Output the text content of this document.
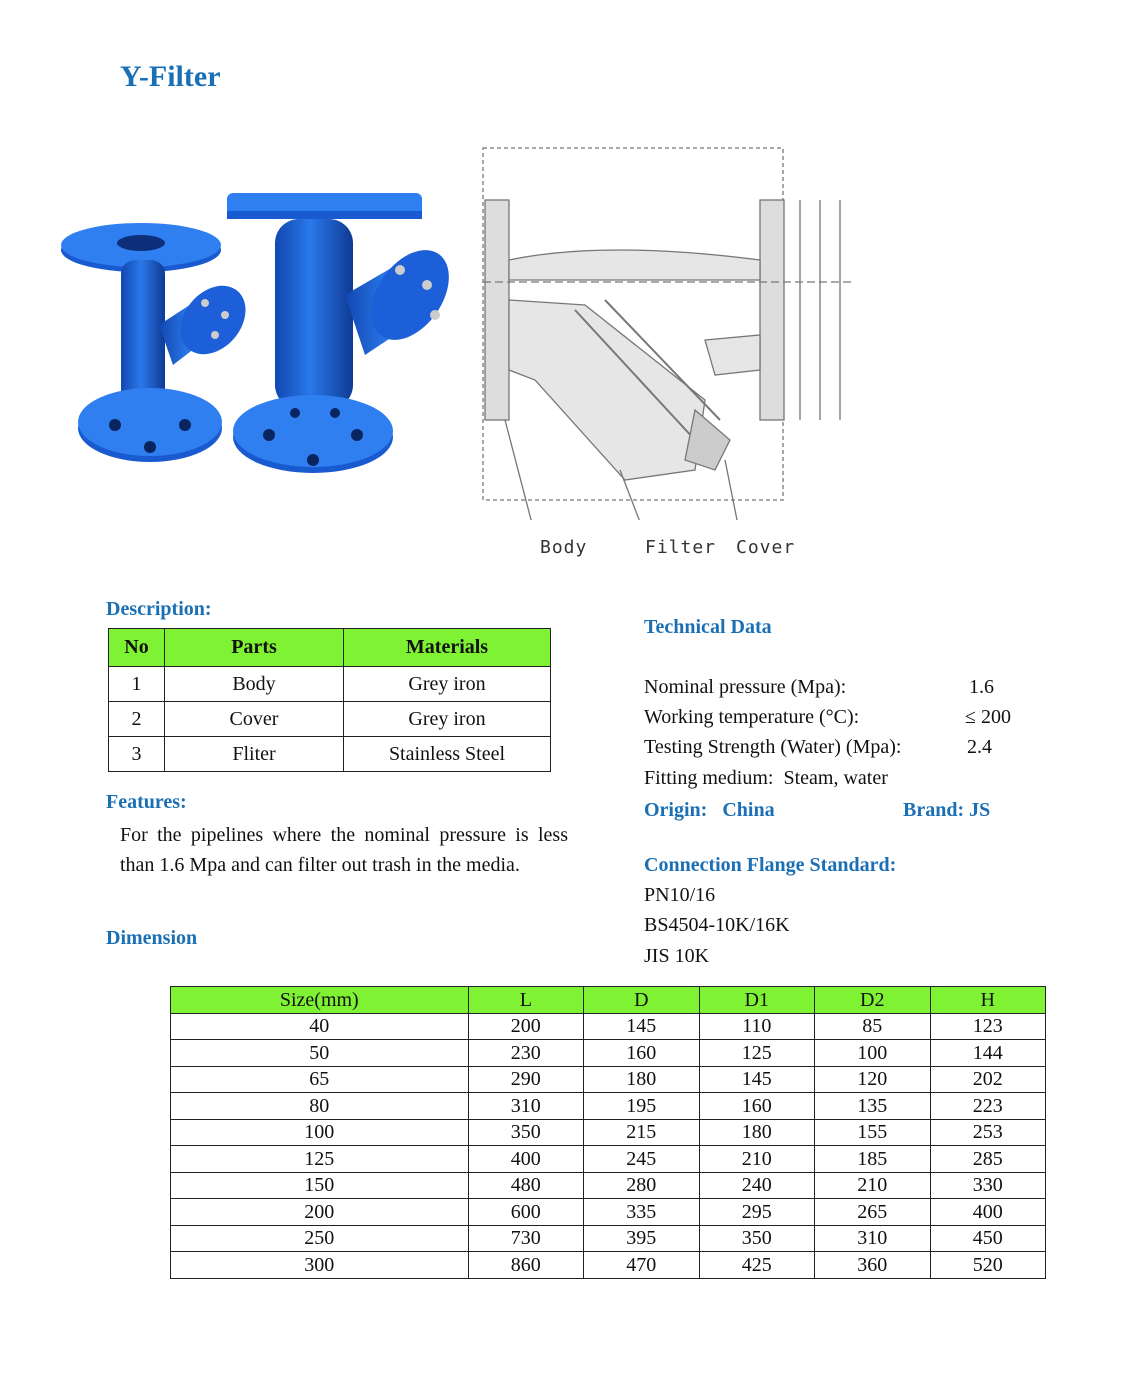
Y-Filter
Body	Filter Cover
Description:
No	Parts	Materials
1	Body	Grey iron
2	Cover	Grey iron
3	Fliter	Stainless Steel
Features:
For the pipelines where the nominal pressure is less than 1.6 Mpa and can filter out trash in the media.
Dimension
Technical Data
Nominal pressure (Mpa):	1.6
Working temperature (°C):	≤ 200
Testing Strength (Water) (Mpa):	2.4
Fitting medium:  Steam, water
Origin:   China	Brand: JS
Connection Flange Standard:
PN10/16
BS4504-10K/16K
JIS 10K
Size(mm)	L	D	D1	D2	H
40	200	145	110	85	123
50	230	160	125	100	144
65	290	180	145	120	202
80	310	195	160	135	223
100	350	215	180	155	253
125	400	245	210	185	285
150	480	280	240	210	330
200	600	335	295	265	400
250	730	395	350	310	450
300	860	470	425	360	520
